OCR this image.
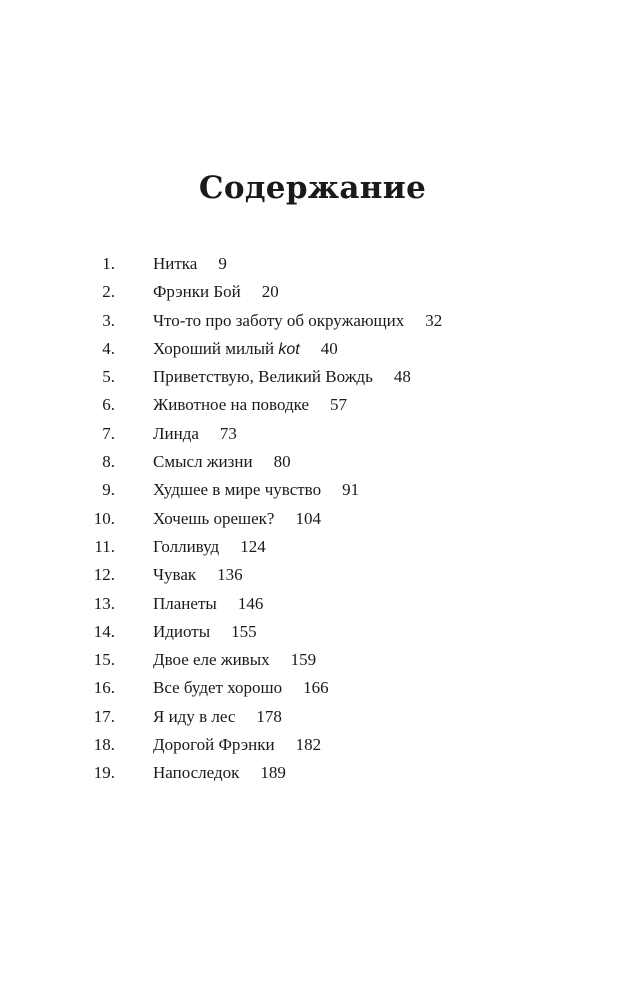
Содержание
1. Нитка 9
2. Фрэнки Бой 20
3. Что-то про заботу об окружающих 32
4. Хороший милый kot 40
5. Приветствую, Великий Вождь 48
6. Животное на поводке 57
7. Линда 73
8. Смысл жизни 80
9. Худшее в мире чувство 91
10. Хочешь орешек? 104
11. Голливуд 124
12. Чувак 136
13. Планеты 146
14. Идиоты 155
15. Двое еле живых 159
16. Все будет хорошо 166
17. Я иду в лес 178
18. Дорогой Фрэнки 182
19. Напоследок 189
